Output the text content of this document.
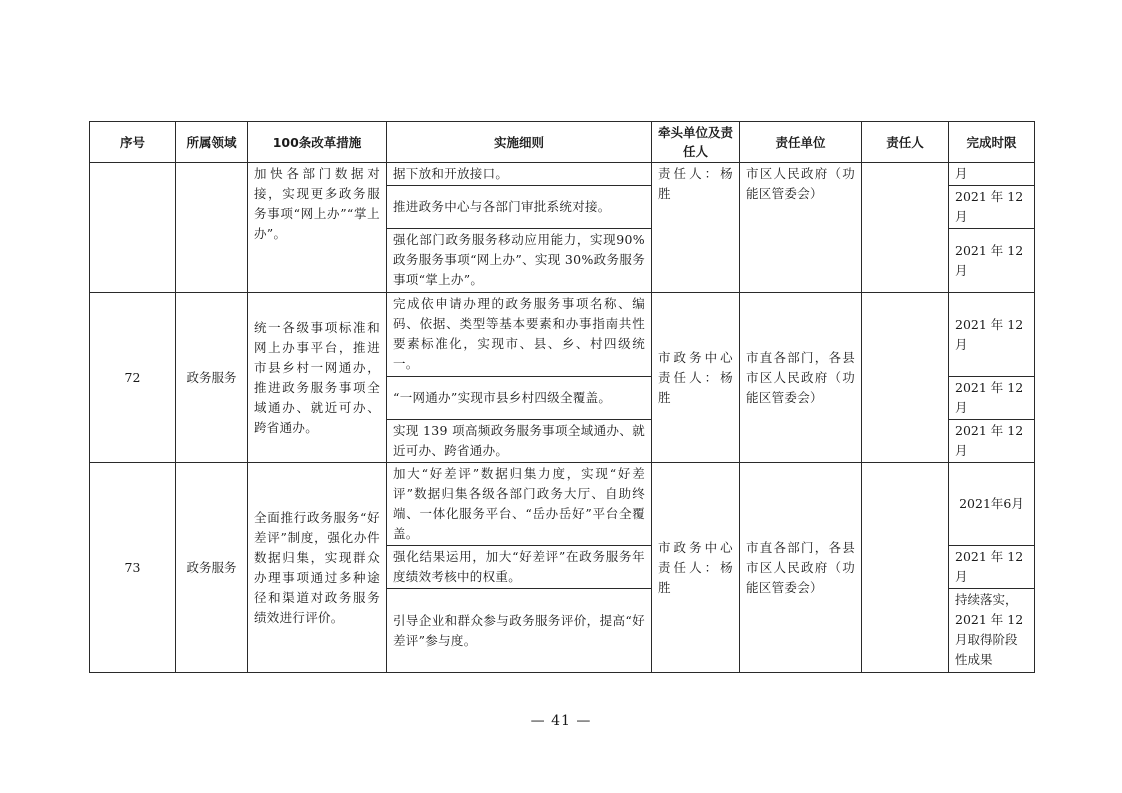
序号	所属领域	100条改革措施	实施细则	牵头单位及责任人	责任单位	责任人	完成时限
		加快各部门数据对接，实现更多政务服务事项“网上办”“掌上办”。	据下放和开放接口。	责任人：杨胜	市区人民政府（功能区管委会）		月
			推进政务中心与各部门审批系统对接。				2021 年 12 月
			强化部门政务服务移动应用能力，实现90%政务服务事项“网上办”、实现 30%政务服务事项“掌上办”。				2021 年 12 月
72	政务服务	统一各级事项标准和网上办事平台，推进市县乡村一网通办，推进政务服务事项全域通办、就近可办、跨省通办。	完成依申请办理的政务服务事项名称、编码、依据、类型等基本要素和办事指南共性要素标准化，实现市、县、乡、村四级统一。	市政务中心责任人：杨胜	市直各部门，各县市区人民政府（功能区管委会）		2021 年 12 月
			“一网通办”实现市县乡村四级全覆盖。				2021 年 12 月
			实现 139 项高频政务服务事项全域通办、就近可办、跨省通办。				2021 年 12 月
73	政务服务	全面推行政务服务“好差评”制度，强化办件数据归集，实现群众办理事项通过多种途径和渠道对政务服务绩效进行评价。	加大“好差评”数据归集力度，实现“好差评”数据归集各级各部门政务大厅、自助终端、一体化服务平台、“岳办岳好”平台全覆盖。	市政务中心责任人：杨胜	市直各部门，各县市区人民政府（功能区管委会）		2021年6月
			强化结果运用，加大“好差评”在政务服务年度绩效考核中的权重。				2021 年 12 月
			引导企业和群众参与政务服务评价，提高“好差评”参与度。				持续落实，2021 年 12 月取得阶段性成果
— 41 —
